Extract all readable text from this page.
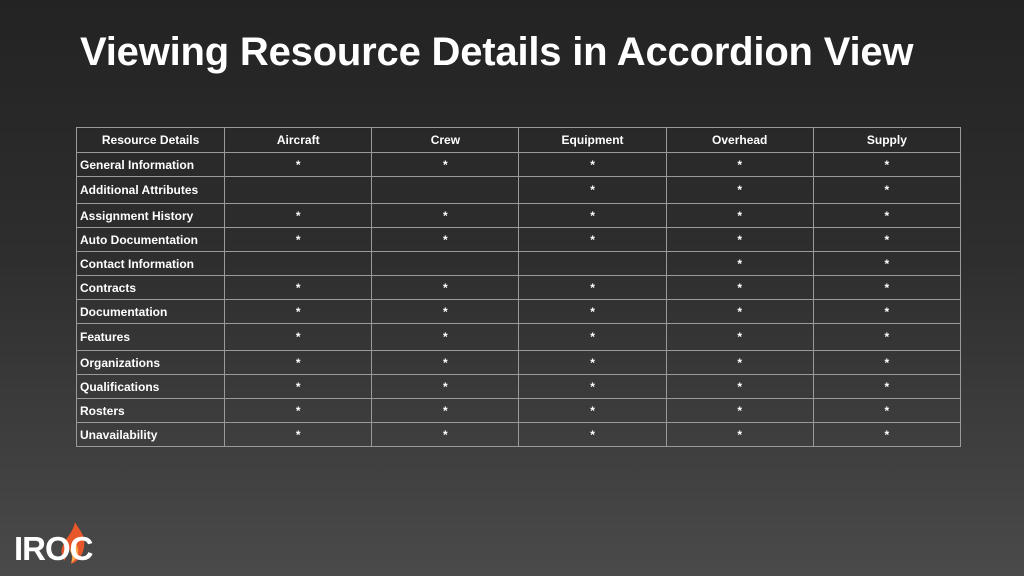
Viewing Resource Details in Accordion View
Resource Details	Aircraft	Crew	Equipment	Overhead	Supply
General Information	*	*	*	*	*
Additional Attributes			*	*	*
Assignment History	*	*	*	*	*
Auto Documentation	*	*	*	*	*
Contact Information				*	*
Contracts	*	*	*	*	*
Documentation	*	*	*	*	*
Features	*	*	*	*	*
Organizations	*	*	*	*	*
Qualifications	*	*	*	*	*
Rosters	*	*	*	*	*
Unavailability	*	*	*	*	*
IROC
